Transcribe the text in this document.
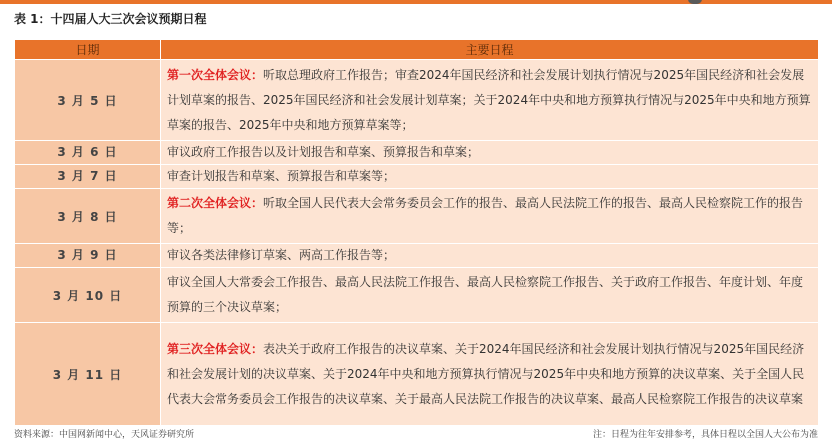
表 1：十四届人大三次会议预期日程
日期	主要日程
3 月 5 日	第一次全体会议：听取总理政府工作报告；审查2024年国民经济和社会发展计划执行情况与2025年国民经济和社会发展计划草案的报告、2025年国民经济和社会发展计划草案；关于2024年中央和地方预算执行情况与2025年中央和地方预算草案的报告、2025年中央和地方预算草案等；
3 月 6 日	审议政府工作报告以及计划报告和草案、预算报告和草案；
3 月 7 日	审查计划报告和草案、预算报告和草案等；
3 月 8 日	第二次全体会议：听取全国人民代表大会常务委员会工作的报告、最高人民法院工作的报告、最高人民检察院工作的报告等；
3 月 9 日	审议各类法律修订草案、两高工作报告等；
3 月 10 日	审议全国人大常委会工作报告、最高人民法院工作报告、最高人民检察院工作报告、关于政府工作报告、年度计划、年度预算的三个决议草案；
3 月 11 日	第三次全体会议：表决关于政府工作报告的决议草案、关于2024年国民经济和社会发展计划执行情况与2025年国民经济和社会发展计划的决议草案、关于2024年中央和地方预算执行情况与2025年中央和地方预算的决议草案、关于全国人民代表大会常务委员会工作报告的决议草案、关于最高人民法院工作报告的决议草案、最高人民检察院工作报告的决议草案
资料来源：中国网新闻中心，天风证券研究所	注：日程为往年安排参考，具体日程以全国人大公布为准
